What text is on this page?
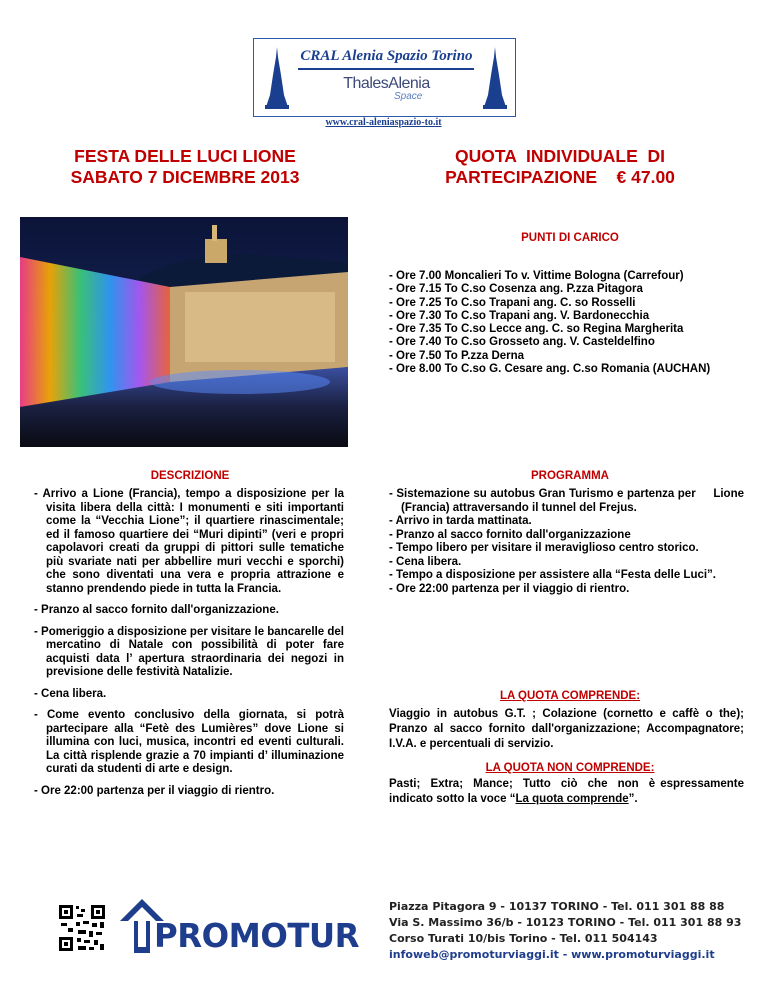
CRAL Alenia Spazio Torino
ThalesAlenia
Space
www.cral-aleniaspazio-to.it
FESTA DELLE LUCI LIONE
SABATO 7 DICEMBRE 2013
QUOTA  INDIVIDUALE  DI
PARTECIPAZIONE    € 47.00
PUNTI DI CARICO
- Ore 7.00 Moncalieri To v. Vittime Bologna (Carrefour)
- Ore 7.15 To C.so Cosenza ang. P.zza Pitagora
- Ore 7.25 To C.so Trapani ang. C. so Rosselli
- Ore 7.30 To C.so Trapani ang. V. Bardonecchia
- Ore 7.35 To C.so Lecce ang. C. so Regina Margherita
- Ore 7.40 To C.so Grosseto ang. V. Casteldelfino
- Ore 7.50 To P.zza Derna
- Ore 8.00 To C.so G. Cesare ang. C.so Romania (AUCHAN)
DESCRIZIONE

- Arrivo a Lione (Francia), tempo a disposizione per la visita libera della città: I monumenti e siti importanti come la “Vecchia Lione”; il quartiere rinascimentale; ed il famoso quartiere dei “Muri dipinti” (veri e propri capolavori creati da gruppi di pittori sulle tematiche più svariate nati per abbellire muri vecchi e sporchi) che sono diventati una vera e propria attrazione e stanno prendendo piede in tutta la Francia.

- Pranzo al sacco fornito dall'organizzazione.

- Pomeriggio a disposizione per visitare le bancarelle del mercatino di Natale con possibilità di poter fare acquisti data l’ apertura straordinaria dei negozi in previsione delle festività Natalizie.

- Cena libera.

- Come evento conclusivo della giornata, si potrà partecipare alla “Fetè des Lumières” dove Lione si illumina con luci, musica, incontri ed eventi culturali. La città risplende grazie a 70 impianti d’ illuminazione curati da studenti di arte e design.

- Ore 22:00 partenza per il viaggio di rientro.

PROGRAMMA
- Sistemazione su autobus Gran Turismo e partenza per     Lione (Francia) attraversando il tunnel del Frejus.
- Arrivo in tarda mattinata.
- Pranzo al sacco fornito dall'organizzazione
- Tempo libero per visitare il meraviglioso centro storico.
- Cena libera.
- Tempo a disposizione per assistere alla “Festa delle Luci”.
- Ore 22:00 partenza per il viaggio di rientro.
LA QUOTA COMPRENDE:
Viaggio in autobus G.T. ; Colazione (cornetto e caffè o the); Pranzo al sacco fornito dall'organizzazione; Accompagnatore; I.V.A. e percentuali di servizio.
LA QUOTA NON COMPRENDE:
Pasti;  Extra;  Mance;  Tutto  ciò  che  non  è espressamente indicato sotto la voce “La quota comprende”.
PROMOTUR
Piazza Pitagora 9 - 10137 TORINO - Tel. 011 301 88 88
Via S. Massimo 36/b - 10123 TORINO - Tel. 011 301 88 93
Corso Turati 10/bis Torino - Tel. 011 504143
infoweb@promoturviaggi.it - www.promoturviaggi.it
